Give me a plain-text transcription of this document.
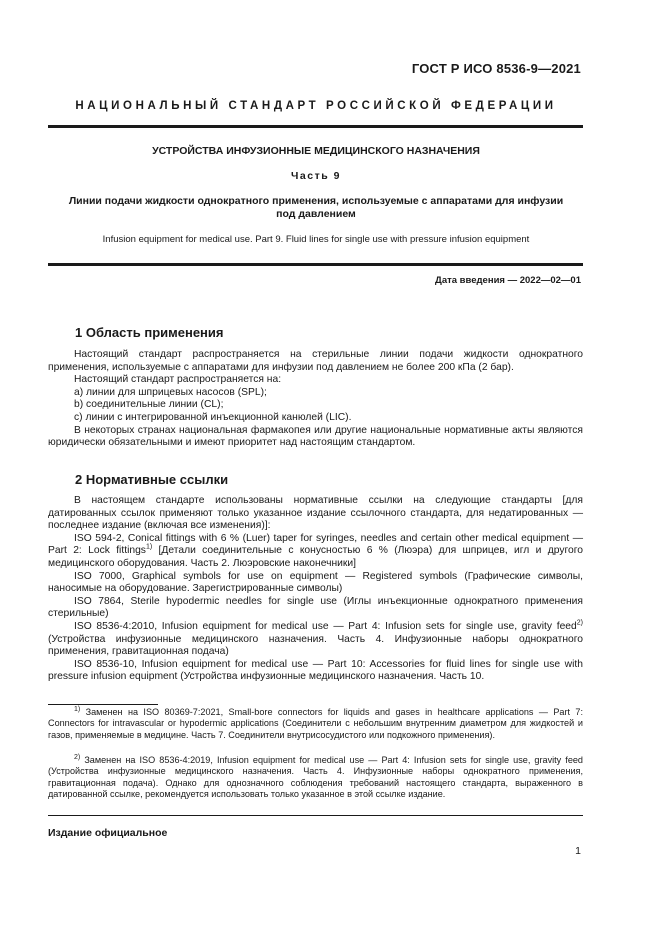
ГОСТ Р ИСО 8536-9—2021
НАЦИОНАЛЬНЫЙ СТАНДАРТ РОССИЙСКОЙ ФЕДЕРАЦИИ
УСТРОЙСТВА ИНФУЗИОННЫЕ МЕДИЦИНСКОГО НАЗНАЧЕНИЯ
Часть 9
Линии подачи жидкости однократного применения, используемые с аппаратами для инфузии под давлением
Infusion equipment for medical use. Part 9. Fluid lines for single use with pressure infusion equipment
Дата введения — 2022—02—01
1 Область применения

Настоящий стандарт распространяется на стерильные линии подачи жидкости однократного применения, используемые с аппаратами для инфузии под давлением не более 200 кПа (2 бар).

Настоящий стандарт распространяется на:

а) линии для шприцевых насосов (SPL);

b) соединительные линии (CL);

c) линии с интегрированной инъекционной канюлей (LIC).

В некоторых странах национальная фармакопея или другие национальные нормативные акты являются юридически обязательными и имеют приоритет над настоящим стандартом.

2 Нормативные ссылки

В настоящем стандарте использованы нормативные ссылки на следующие стандарты [для датированных ссылок применяют только указанное издание ссылочного стандарта, для недатированных — последнее издание (включая все изменения)]:

ISO 594-2, Conical fittings with 6 % (Luer) taper for syringes, needles and certain other medical equipment — Part 2: Lock fittings$^{1)}$ [Детали соединительные с конусностью 6 % (Люэра) для шприцев, игл и другого медицинского оборудования. Часть 2. Люэровские наконечники]

ISO 7000, Graphical symbols for use on equipment — Registered symbols (Графические символы, наносимые на оборудование. Зарегистрированные символы)

ISO 7864, Sterile hypodermic needles for single use (Иглы инъекционные однократного применения стерильные)

ISO 8536-4:2010, Infusion equipment for medical use — Part 4: Infusion sets for single use, gravity feed$^{2)}$ (Устройства инфузионные медицинского назначения. Часть 4. Инфузионные наборы однократного применения, гравитационная подача)

ISO 8536-10, Infusion equipment for medical use — Part 10: Accessories for fluid lines for single use with pressure infusion equipment (Устройства инфузионные медицинского назначения. Часть 10.

$^{1)}$ Заменен на ISO 80369-7:2021, Small-bore connectors for liquids and gases in healthcare applications — Part 7: Connectors for intravascular or hypodermic applications (Соединители с небольшим внутренним диаметром для жидкостей и газов, применяемые в медицине. Часть 7. Соединители внутрисосудистого или подкожного применения).

$^{2)}$ Заменен на ISO 8536-4:2019, Infusion equipment for medical use — Part 4: Infusion sets for single use, gravity feed (Устройства инфузионные медицинского назначения. Часть 4. Инфузионные наборы однократного применения, гравитационная подача). Однако для однозначного соблюдения требований настоящего стандарта, выраженного в датированной ссылке, рекомендуется использовать только указанное в этой ссылке издание.

Издание официальное
1
